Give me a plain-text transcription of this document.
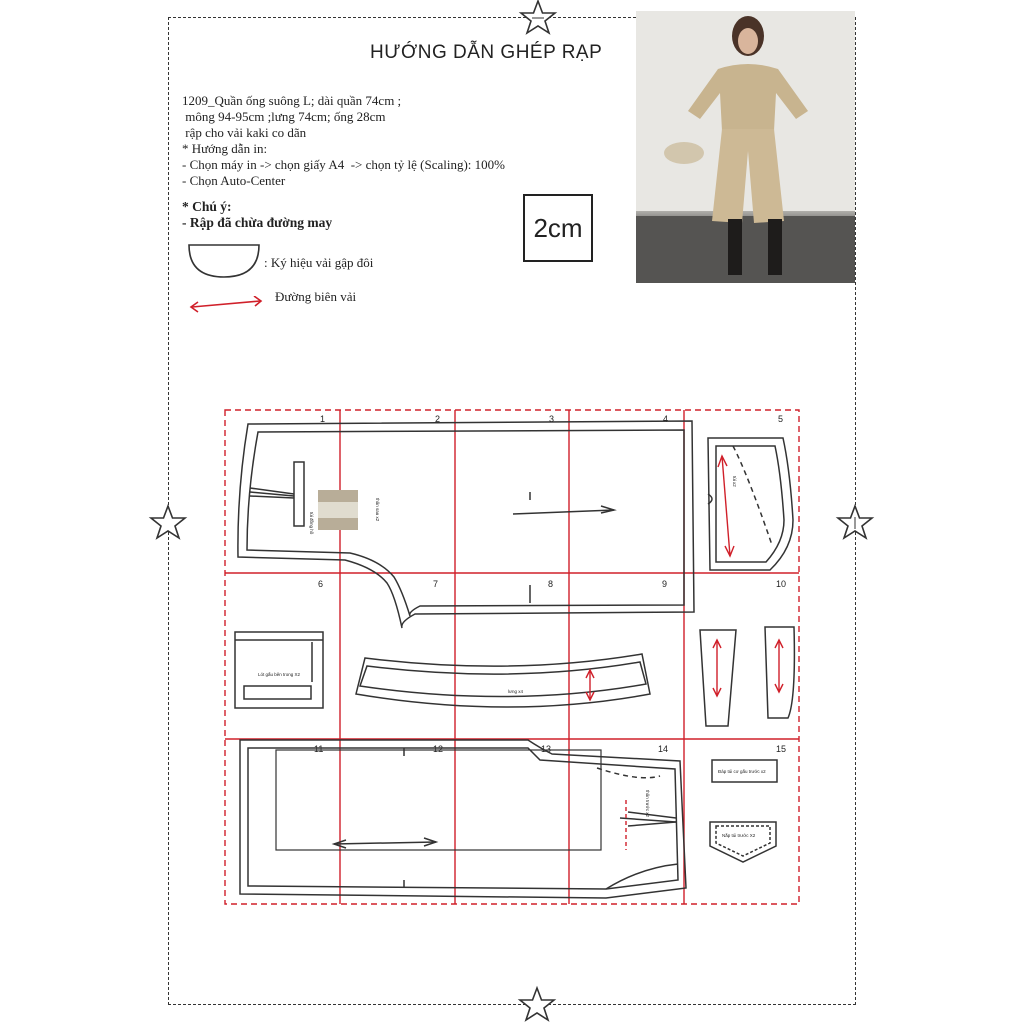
HƯỚNG DẪN GHÉP RẠP
1209_Quần ống suông L; dài quần 74cm ;
mông 94-95cm ;lưng 74cm; ống 28cm
rập cho vải kaki co dãn
* Hướng dẫn in:
- Chọn máy in -> chọn giấy A4  -> chọn tỷ lệ (Scaling): 100%
- Chọn Auto-Center
* Chú ý:
- Rập đã chừa đường may	2cm
: Ký hiệu vải gập đôi
Đường biên vải
1	2	3	4	5
6	7	8	9	10
11	12	13	14	15
túi đồng hồ
thân sau x2
túi x2
Lót gấu bên trong X2
lưng x4
thân trước x2
Đáp túi cơ gấu trước x2
Nắp túi trước X2
